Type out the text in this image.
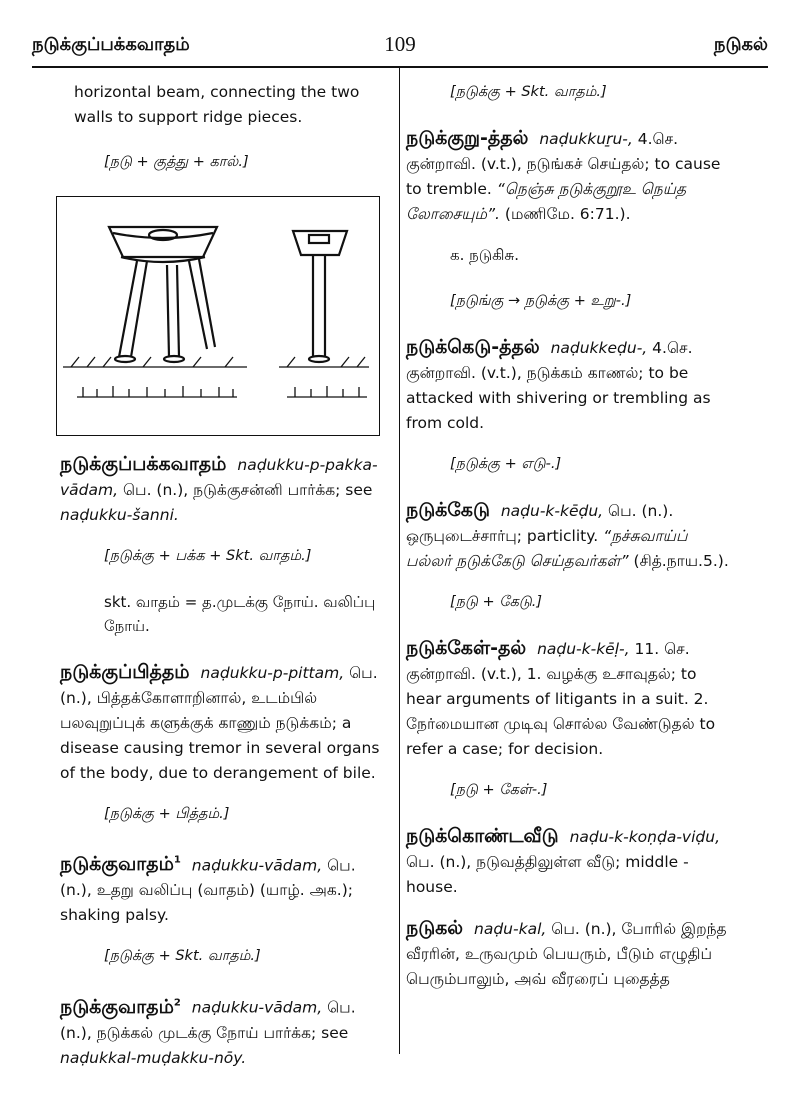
நடுக்குப்பக்கவாதம்	109	நடுகல்

horizontal beam, connecting the two walls to support ridge pieces.

[நடு + குத்து + கால்.]

நடுக்குப்பக்கவாதம் naḍukku-p-pakka-vādam, பெ. (n.), நடுக்குசன்னி பார்க்க; see naḍukku-šanni.

[நடுக்கு + பக்க + Skt. வாதம்.]

skt. வாதம் = த.முடக்கு நோய். வலிப்பு நோய்.

நடுக்குப்பித்தம் naḍukku-p-pittam, பெ. (n.), பித்தக்கோளாறினால், உடம்பில் பலவுறுப்புக் களுக்குக் காணும் நடுக்கம்; a disease causing tremor in several organs of the body, due to derangement of bile.

[நடுக்கு + பித்தம்.]

நடுக்குவாதம்$^1$ naḍukku-vādam, பெ. (n.), உதறு வலிப்பு (வாதம்) (யாழ். அக.); shaking palsy.

[நடுக்கு + Skt. வாதம்.]

நடுக்குவாதம்$^2$ naḍukku-vādam, பெ. (n.), நடுக்கல் முடக்கு நோய் பார்க்க; see naḍukkal-muḍakku-nōy.

[நடுக்கு + Skt. வாதம்.]

நடுக்குறு-த்தல் naḍukkuṟu-, 4.செ. குன்றாவி. (v.t.), நடுங்கச் செய்தல்; to cause to tremble. “நெஞ்சு நடுக்குறூஉ நெய்த லோசையும்”. (மணிமே. 6:71.).

க. நடுகிசு.

[நடுங்கு → நடுக்கு + உறு-.]

நடுக்கெடு-த்தல் naḍukkeḍu-, 4.செ. குன்றாவி. (v.t.), நடுக்கம் காணல்; to be attacked with shivering or trembling as from cold.

[நடுக்கு + எடு-.]

நடுக்கேடு naḍu-k-kēḍu, பெ. (n.). ஒருபுடைச்சார்பு; particlity. “நச்சுவாய்ப் பல்லர் நடுக்கேடு செய்தவர்கள்” (சித்.நாய.5.).

[நடு + கேடு.]

நடுக்கேள்-தல் naḍu-k-kēḷ-, 11. செ. குன்றாவி. (v.t.), 1. வழக்கு உசாவுதல்; to hear arguments of litigants in a suit. 2. நேர்மையான முடிவு சொல்ல வேண்டுதல் to refer a case; for decision.

[நடு + கேள்-.]

நடுக்கொண்டவீடு naḍu-k-koṇḍa-viḍu, பெ. (n.), நடுவத்திலுள்ள வீடு; middle - house.

நடுகல் naḍu-kal, பெ. (n.), போரில் இறந்த வீரரின், உருவமும் பெயரும், பீடும் எழுதிப் பெரும்பாலும், அவ் வீரரைப் புதைத்த
